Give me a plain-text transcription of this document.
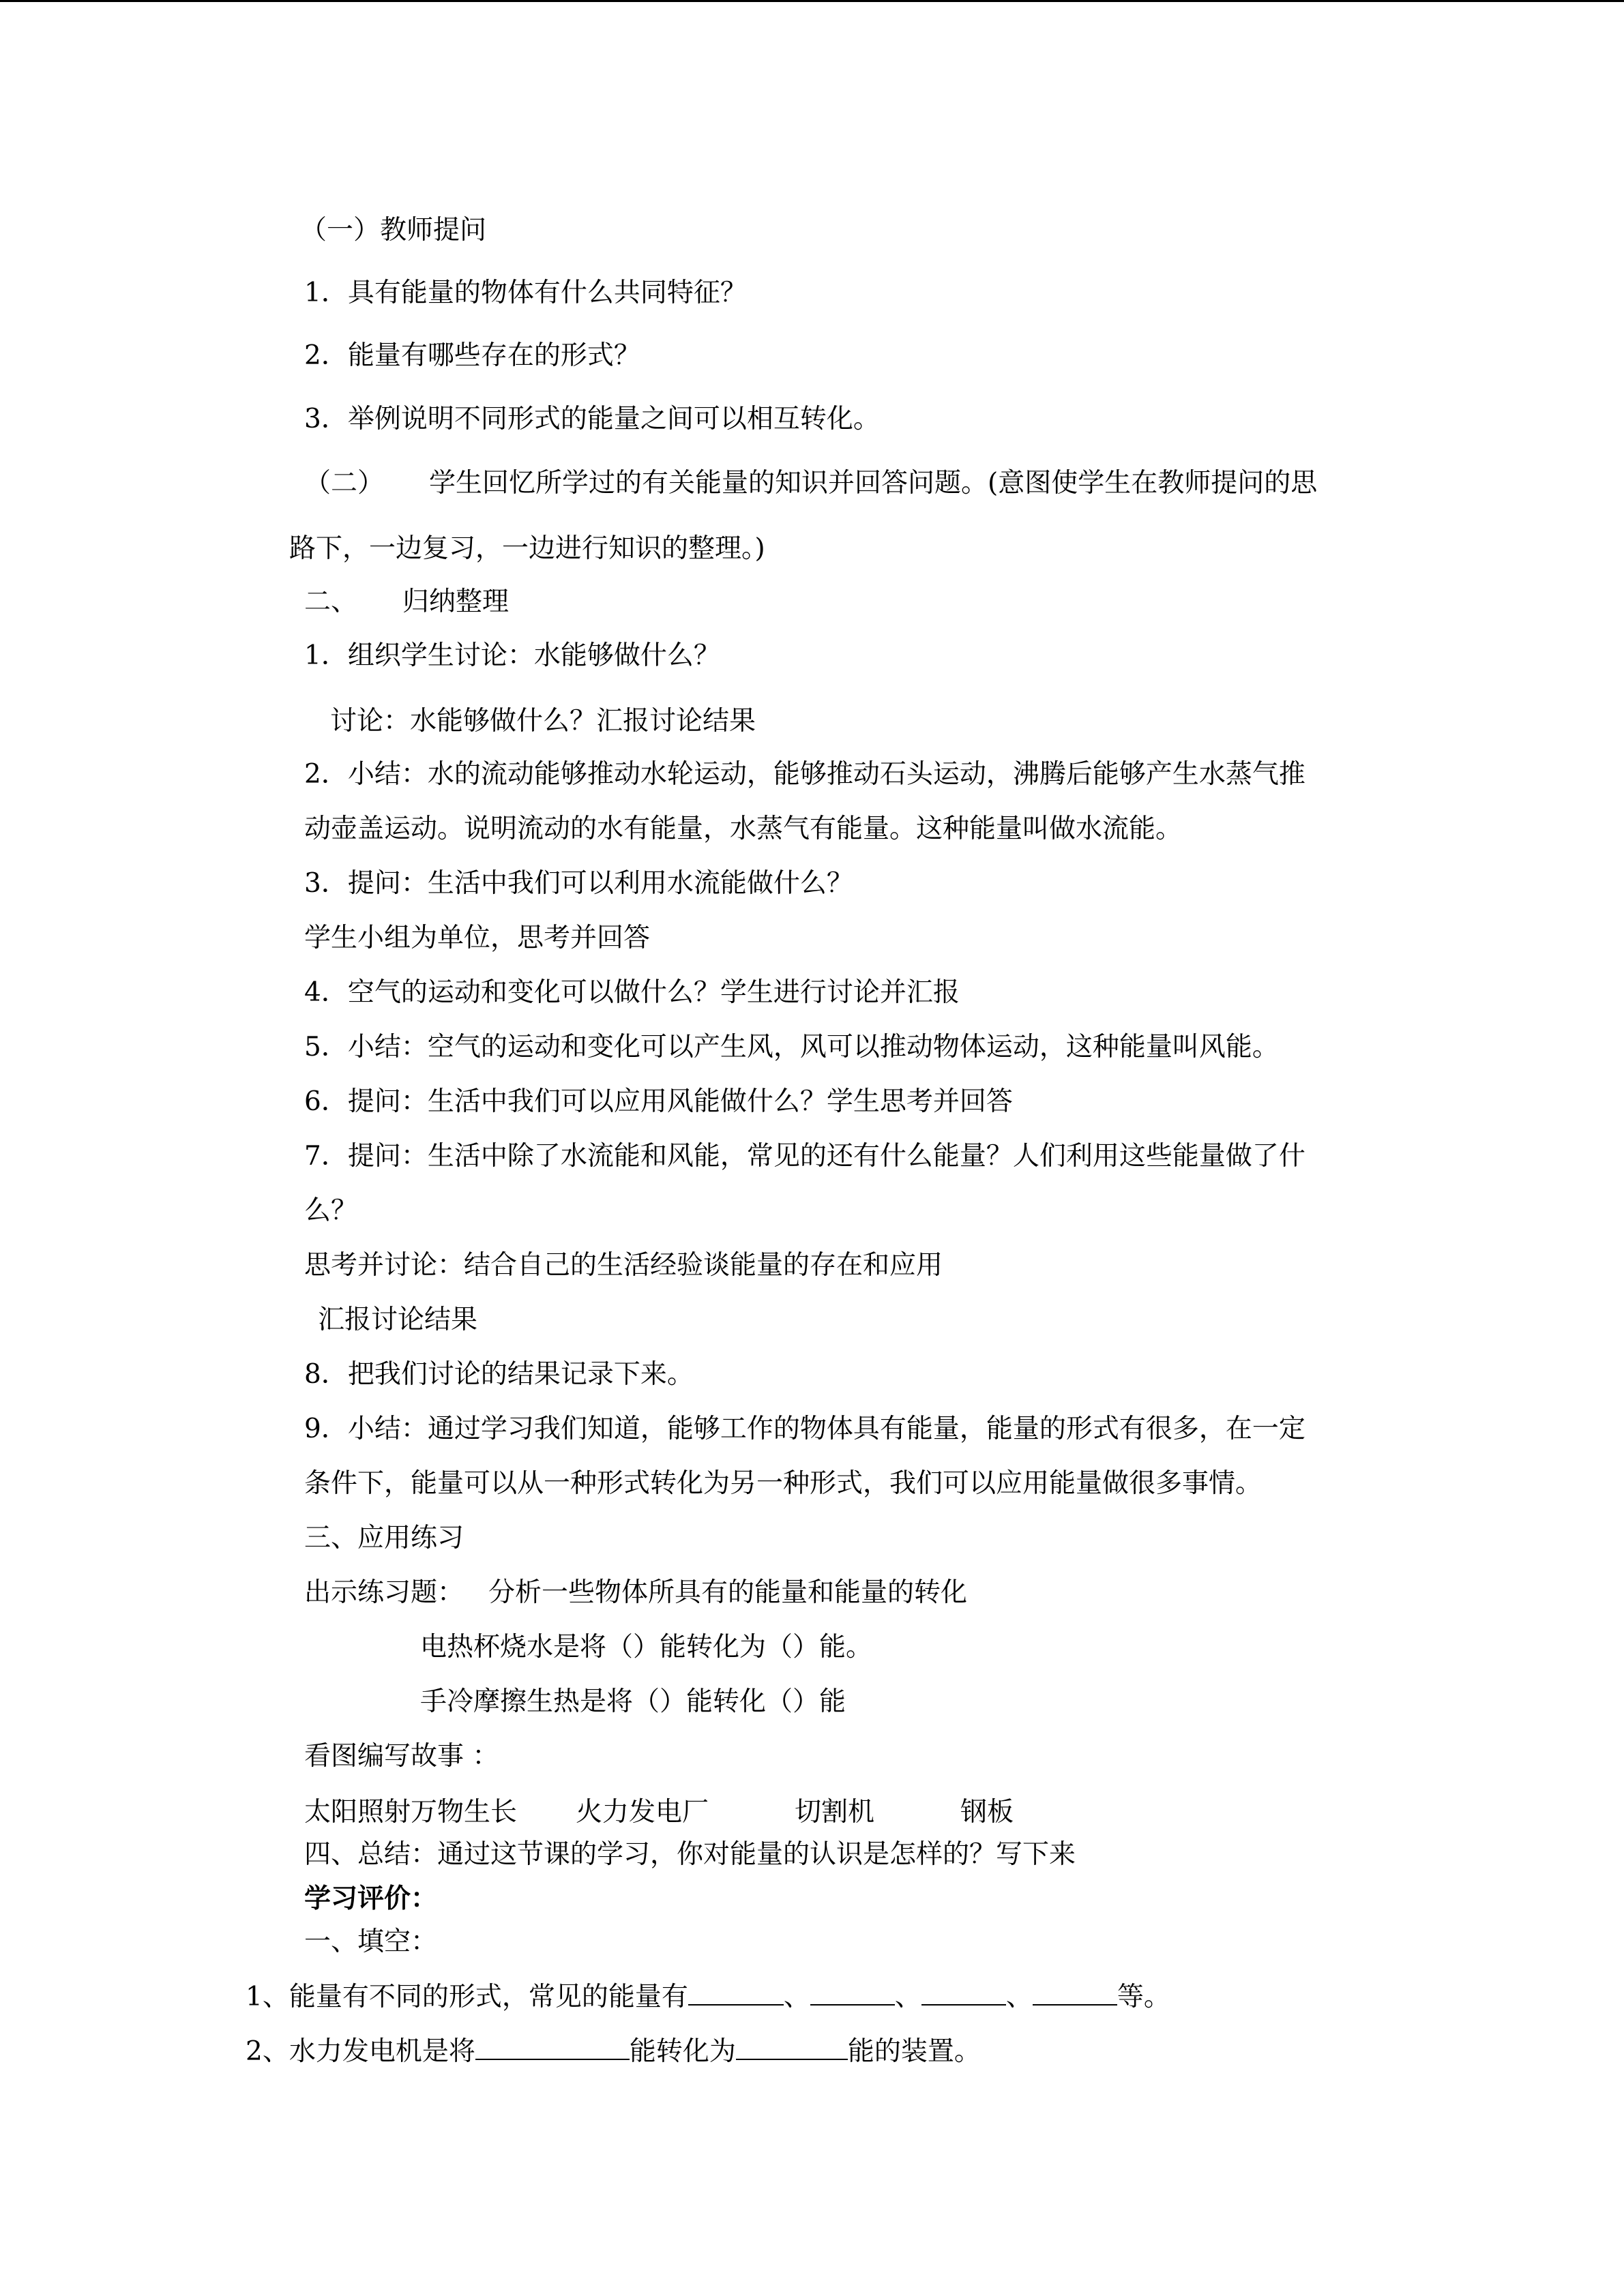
（一）教师提问

1．具有能量的物体有什么共同特征？

2．能量有哪些存在的形式？

3．举例说明不同形式的能量之间可以相互转化。

（二） 学生回忆所学过的有关能量的知识并回答问题。(意图使学生在教师提问的思

路下，一边复习，一边进行知识的整理。)

二、 归纳整理

1．组织学生讨论：水能够做什么？

讨论：水能够做什么？汇报讨论结果

2．小结：水的流动能够推动水轮运动，能够推动石头运动，沸腾后能够产生水蒸气推

动壶盖运动。说明流动的水有能量，水蒸气有能量。这种能量叫做水流能。

3．提问：生活中我们可以利用水流能做什么？

学生小组为单位，思考并回答

4．空气的运动和变化可以做什么？学生进行讨论并汇报

5．小结：空气的运动和变化可以产生风，风可以推动物体运动，这种能量叫风能。

6．提问：生活中我们可以应用风能做什么？学生思考并回答

7．提问：生活中除了水流能和风能，常见的还有什么能量？人们利用这些能量做了什

么？

思考并讨论：结合自己的生活经验谈能量的存在和应用

汇报讨论结果

8．把我们讨论的结果记录下来。

9．小结：通过学习我们知道，能够工作的物体具有能量，能量的形式有很多，在一定

条件下，能量可以从一种形式转化为另一种形式，我们可以应用能量做很多事情。

三、应用练习

出示练习题： 分析一些物体所具有的能量和能量的转化

电热杯烧水是将（）能转化为（）能。

手冷摩擦生热是将（）能转化（）能

看图编写故事 ：

太阳照射万物生长 火力发电厂	切割机	钢板

四、总结：通过这节课的学习，你对能量的认识是怎样的？写下来

学习评价：

一、填空：

1、能量有不同的形式，常见的能量有	、	、	、	等。
2、水力发电机是将	能转化为	能的装置。
